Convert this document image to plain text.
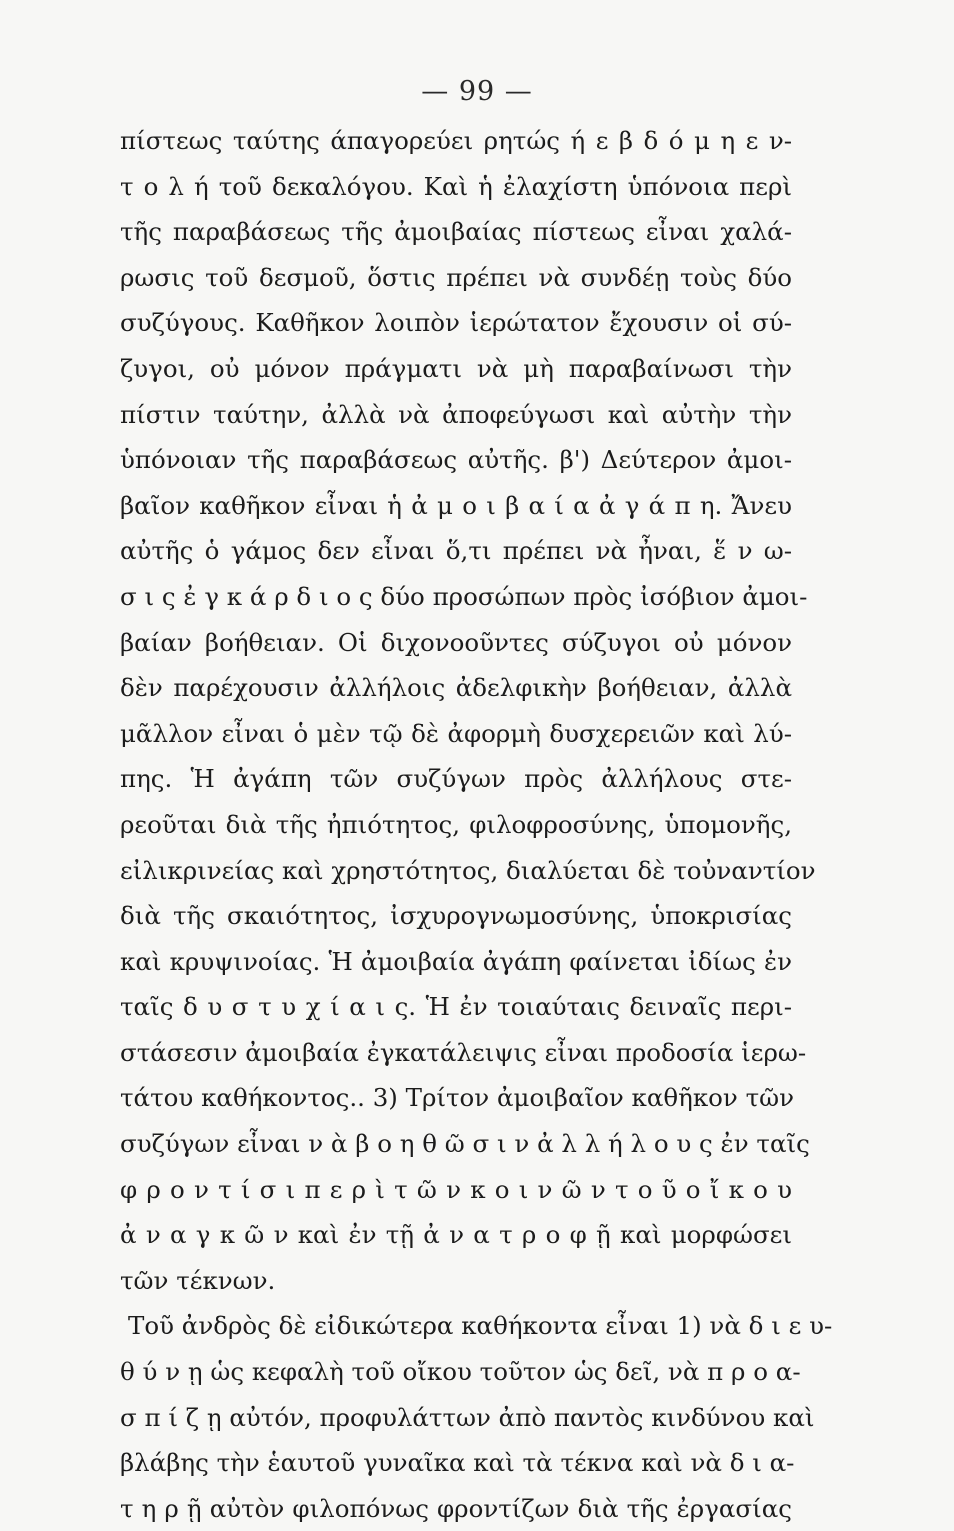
— 99 —
πίστεως ταύτης άπαγορεύει ρητώς ή ε β δ ό μ η ε ν-
τ ο λ ή τοῦ δεκαλόγου. Καὶ ἡ ἐλαχίστη ὑπόνοια περὶ
τῆς παραβάσεως τῆς ἀμοιβαίας πίστεως εἶναι χαλά-
ρωσις τοῦ δεσμοῦ, ὅστις πρέπει νὰ συνδέῃ τοὺς δύο
συζύγους. Καθῆκον λοιπὸν ἱερώτατον ἔχουσιν οἱ σύ-
ζυγοι, οὐ μόνον πράγματι νὰ μὴ παραβαίνωσι τὴν
πίστιν ταύτην, ἀλλὰ νὰ ἀποφεύγωσι καὶ αὐτὴν τὴν
ὑπόνοιαν τῆς παραβάσεως αὐτῆς. β') Δεύτερον ἀμοι-
βαῖον καθῆκον εἶναι ἡ ἀ μ ο ι β α ί α ἀ γ ά π η. Ἄνευ
αὐτῆς ὁ γάμος δεν εἶναι ὅ,τι πρέπει νὰ ἦναι, ἕ ν ω-
σ ι ς ἐ γ κ ά ρ δ ι ο ς δύο προσώπων πρὸς ἰσόβιον ἀμοι-
βαίαν βοήθειαν. Οἱ διχονοοῦντες σύζυγοι οὐ μόνον
δὲν παρέχουσιν ἀλλήλοις ἀδελφικὴν βοήθειαν, ἀλλὰ
μᾶλλον εἶναι ὁ μὲν τῷ δὲ ἀφορμὴ δυσχερειῶν καὶ λύ-
πης. Ἡ ἀγάπη τῶν συζύγων πρὸς ἀλλήλους στε-
ρεοῦται διὰ τῆς ἠπιότητος, φιλοφροσύνης, ὑπομονῆς,
εἰλικρινείας καὶ χρηστότητος, διαλύεται δὲ τοὐναντίον
διὰ τῆς σκαιότητος, ἰσχυρογνωμοσύνης, ὑποκρισίας
καὶ κρυψινοίας. Ἡ ἀμοιβαία ἀγάπη φαίνεται ἰδίως ἐν
ταῖς δ υ σ τ υ χ ί α ι ς. Ἡ ἐν τοιαύταις δειναῖς περι-
στάσεσιν ἀμοιβαία ἐγκατάλειψις εἶναι προδοσία ἱερω-
τάτου καθήκοντος.. 3) Τρίτον ἀμοιβαῖον καθῆκον τῶν
συζύγων εἶναι ν ὰ β ο η θ ῶ σ ι ν ἀ λ λ ή λ ο υ ς ἐν ταῖς
φ ρ ο ν τ ί σ ι π ε ρ ὶ τ ῶ ν κ ο ι ν ῶ ν τ ο ῦ ο ἴ κ ο υ
ἀ ν α γ κ ῶ ν καὶ ἐν τῇ ἀ ν α τ ρ ο φ ῇ καὶ μορφώσει
τῶν τέκνων.
Τοῦ ἀνδρὸς δὲ εἰδικώτερα καθήκοντα εἶναι 1) νὰ δ ι ε υ-
θ ύ ν ῃ ὡς κεφαλὴ τοῦ οἴκου τοῦτον ὡς δεῖ, νὰ π ρ ο α-
σ π ί ζ ῃ αὐτόν, προφυλάττων ἀπὸ παντὸς κινδύνου καὶ
βλάβης τὴν ἑαυτοῦ γυναῖκα καὶ τὰ τέκνα καὶ νὰ δ ι α-
τ η ρ ῇ αὐτὸν φιλοπόνως φροντίζων διὰ τῆς ἐργασίας
